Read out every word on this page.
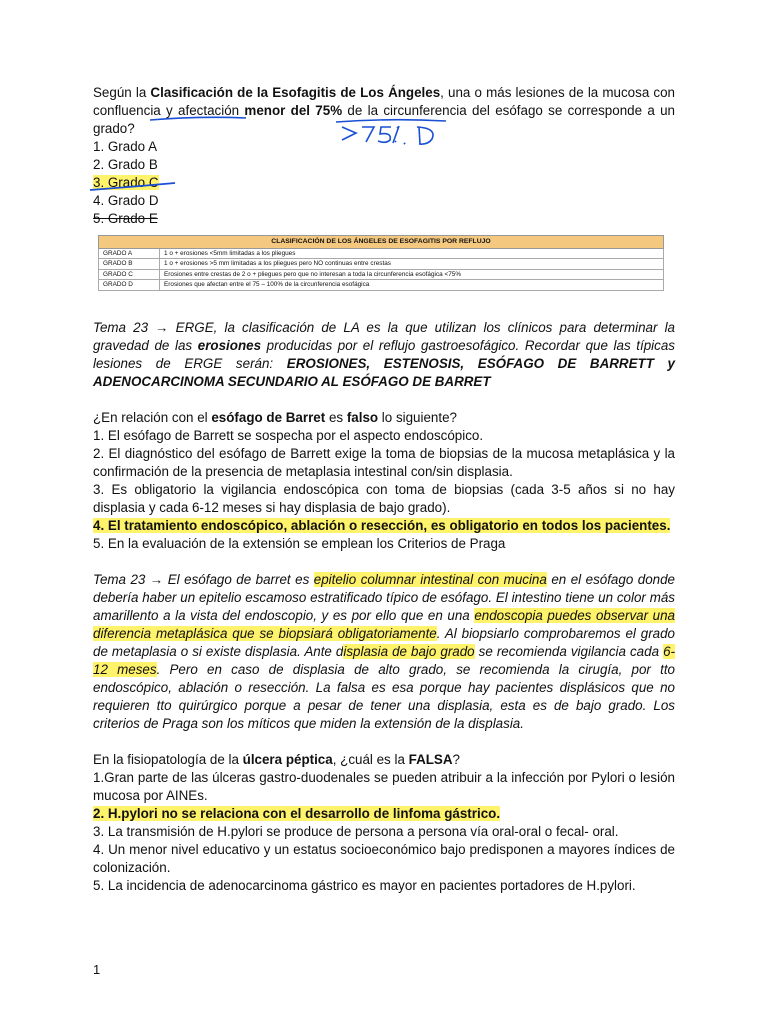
Según la Clasificación de la Esofagitis de Los Ángeles, una o más lesiones de la mucosa con confluencia y afectación menor del 75% de la circunferencia del esófago se corresponde a un grado?
1. Grado A
2. Grado B
3. Grado C
4. Grado D
5. Grado E
CLASIFICACIÓN DE LOS ÁNGELES DE ESOFAGITIS POR REFLUJO	
GRADO A	1 o + erosiones <5mm limitadas a los pliegues
GRADO B	1 o + erosiones >5 mm limitadas a los pliegues pero NO continuas entre crestas
GRADO C	Erosiones entre crestas de 2 o + pliegues pero que no interesan a toda la circunferencia esofágica <75%
GRADO D	Erosiones que afectan entre el 75 – 100% de la circunferencia esofágica
Tema 23 → ERGE, la clasificación de LA es la que utilizan los clínicos para determinar la gravedad de las erosiones producidas por el reflujo gastroesofágico. Recordar que las típicas lesiones de ERGE serán: EROSIONES, ESTENOSIS, ESÓFAGO DE BARRETT y ADENOCARCINOMA SECUNDARIO AL ESÓFAGO DE BARRET
¿En relación con el esófago de Barret es falso lo siguiente?
1. El esófago de Barrett se sospecha por el aspecto endoscópico.
2. El diagnóstico del esófago de Barrett exige la toma de biopsias de la mucosa metaplásica y la confirmación de la presencia de metaplasia intestinal con/sin displasia.
3. Es obligatorio la vigilancia endoscópica con toma de biopsias (cada 3-5 años si no hay displasia y cada 6-12 meses si hay displasia de bajo grado).
4. El tratamiento endoscópico, ablación o resección, es obligatorio en todos los pacientes.
5. En la evaluación de la extensión se emplean los Criterios de Praga
Tema 23 → El esófago de barret es epitelio columnar intestinal con mucina en el esófago donde debería haber un epitelio escamoso estratificado típico de esófago. El intestino tiene un color más amarillento a la vista del endoscopio, y es por ello que en una endoscopia puedes observar una diferencia metaplásica que se biopsiará obligatoriamente. Al biopsiarlo comprobaremos el grado de metaplasia o si existe displasia. Ante displasia de bajo grado se recomienda vigilancia cada 6-12 meses. Pero en caso de displasia de alto grado, se recomienda la cirugía, por tto endoscópico, ablación o resección. La falsa es esa porque hay pacientes displásicos que no requieren tto quirúrgico porque a pesar de tener una displasia, esta es de bajo grado. Los criterios de Praga son los míticos que miden la extensión de la displasia.
En la fisiopatología de la úlcera péptica, ¿cuál es la FALSA?
1.Gran parte de las úlceras gastro-duodenales se pueden atribuir a la infección por Pylori o lesión mucosa por AINEs.
2. H.pylori no se relaciona con el desarrollo de linfoma gástrico.
3. La transmisión de H.pylori se produce de persona a persona vía oral-oral o fecal- oral.
4. Un menor nivel educativo y un estatus socioeconómico bajo predisponen a mayores índices de colonización.
5. La incidencia de adenocarcinoma gástrico es mayor en pacientes portadores de H.pylori.
1
